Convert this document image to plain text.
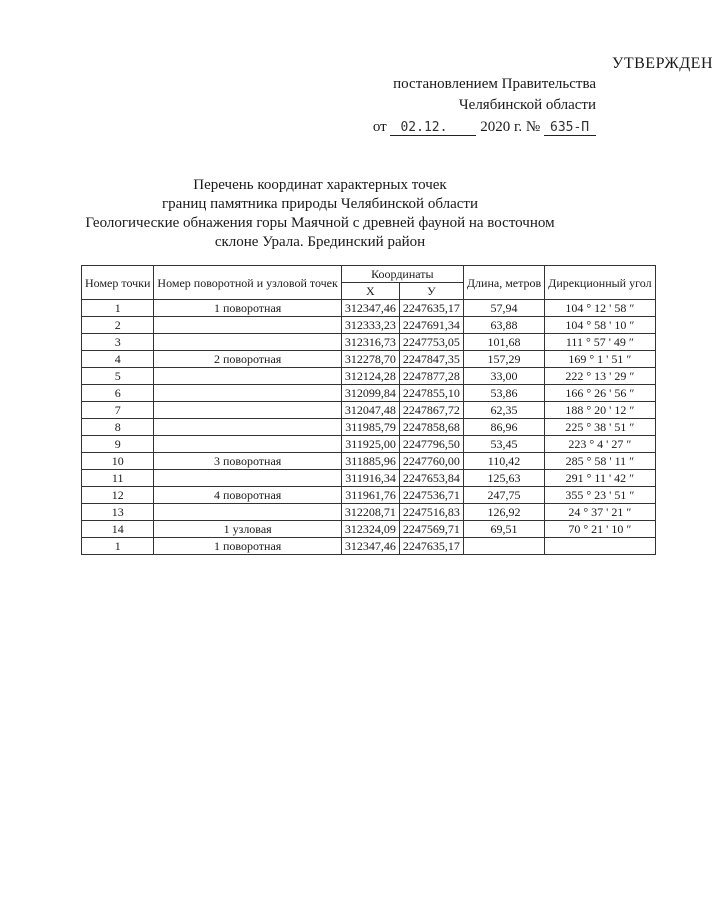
УТВЕРЖДЕН
постановлением Правительства
Челябинской области
от 02.12. 2020 г. № 635-П
Перечень координат характерных точек
границ памятника природы Челябинской области
Геологические обнажения горы Маячной с древней фауной на восточном
склоне Урала. Брединский район
Номер точки	Номер поворотной и узловой точек	Координаты		Длина, метров	Дирекционный угол
		X	У		
1	1 поворотная	312347,46	2247635,17	57,94	104 ° 12 ' 58 ″
2		312333,23	2247691,34	63,88	104 ° 58 ' 10 ″
3		312316,73	2247753,05	101,68	111 ° 57 ' 49 ″
4	2 поворотная	312278,70	2247847,35	157,29	169 ° 1 ' 51 ″
5		312124,28	2247877,28	33,00	222 ° 13 ' 29 ″
6		312099,84	2247855,10	53,86	166 ° 26 ' 56 ″
7		312047,48	2247867,72	62,35	188 ° 20 ' 12 ″
8		311985,79	2247858,68	86,96	225 ° 38 ' 51 ″
9		311925,00	2247796,50	53,45	223 ° 4 ' 27 ″
10	3 поворотная	311885,96	2247760,00	110,42	285 ° 58 ' 11 ″
11		311916,34	2247653,84	125,63	291 ° 11 ' 42 ″
12	4 поворотная	311961,76	2247536,71	247,75	355 ° 23 ' 51 ″
13		312208,71	2247516,83	126,92	24 ° 37 ' 21 ″
14	1 узловая	312324,09	2247569,71	69,51	70 ° 21 ' 10 ″
1	1 поворотная	312347,46	2247635,17		
